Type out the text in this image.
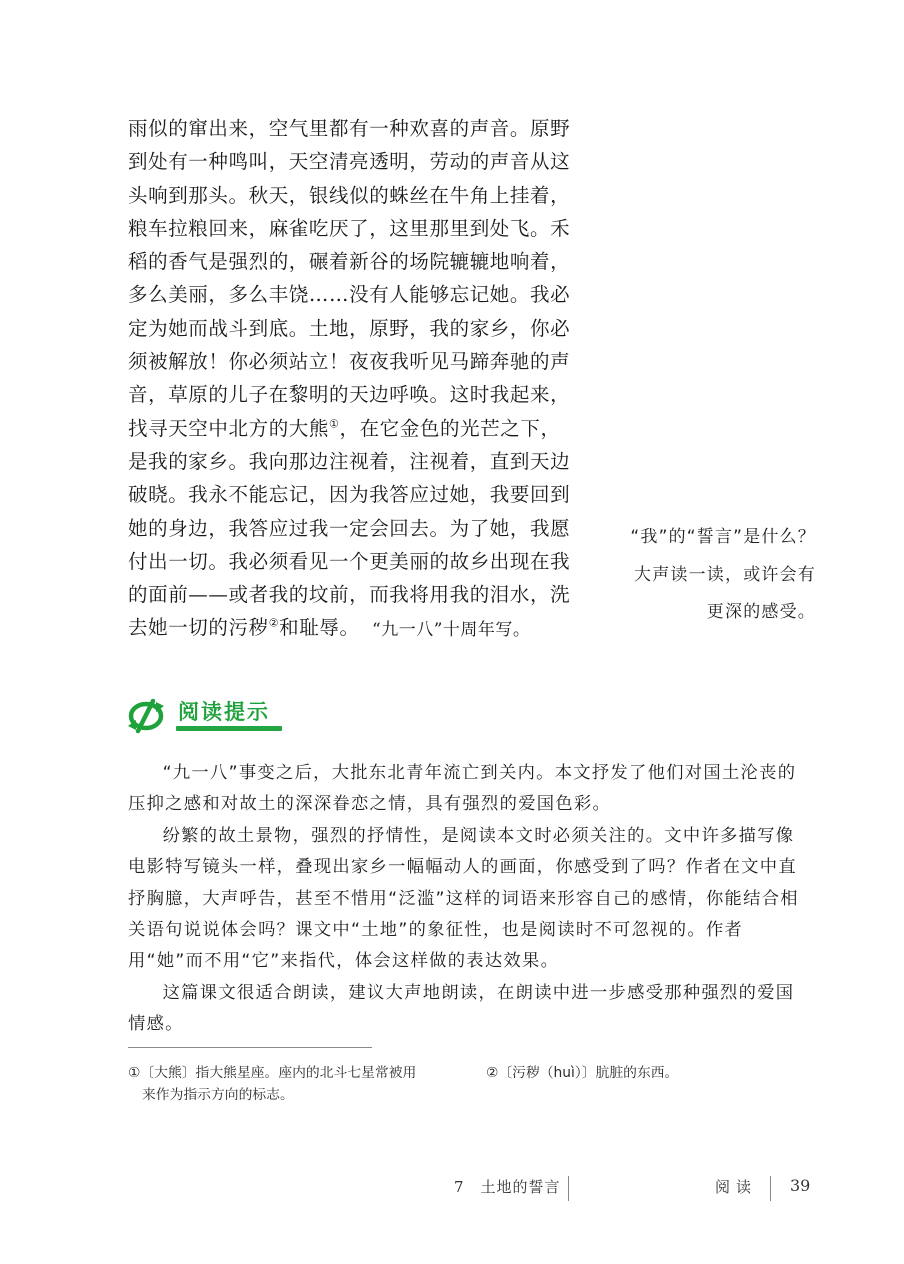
雨似的窜出来，空气里都有一种欢喜的声音。原野到处有一种鸣叫，天空清亮透明，劳动的声音从这头响到那头。秋天，银线似的蛛丝在牛角上挂着，粮车拉粮回来，麻雀吃厌了，这里那里到处飞。禾稻的香气是强烈的，碾着新谷的场院辘辘地响着，多么美丽，多么丰饶……没有人能够忘记她。我必定为她而战斗到底。土地，原野，我的家乡，你必须被解放！你必须站立！夜夜我听见马蹄奔驰的声音，草原的儿子在黎明的天边呼唤。这时我起来，找寻天空中北方的大熊①，在它金色的光芒之下，是我的家乡。我向那边注视着，注视着，直到天边破晓。我永不能忘记，因为我答应过她，我要回到她的身边，我答应过我一定会回去。为了她，我愿付出一切。我必须看见一个更美丽的故乡出现在我的面前——或者我的坟前，而我将用我的泪水，洗去她一切的污秽②和耻辱。 “九一八”十周年写。
“我”的“誓言”是什么？大声读一读，或许会有更深的感受。
阅读提示

“九一八”事变之后，大批东北青年流亡到关内。本文抒发了他们对国土沦丧的压抑之感和对故土的深深眷恋之情，具有强烈的爱国色彩。

纷繁的故土景物，强烈的抒情性，是阅读本文时必须关注的。文中许多描写像电影特写镜头一样，叠现出家乡一幅幅动人的画面，你感受到了吗？作者在文中直抒胸臆，大声呼告，甚至不惜用“泛滥”这样的词语来形容自己的感情，你能结合相关语句说说体会吗？课文中“土地”的象征性，也是阅读时不可忽视的。作者用“她”而不用“它”来指代，体会这样做的表达效果。

这篇课文很适合朗读，建议大声地朗读，在朗读中进一步感受那种强烈的爱国情感。

①〔大熊〕指大熊星座。座内的北斗七星常被用
来作为指示方向的标志。
②〔污秽（huì）〕肮脏的东西。
7　土地的誓言	阅读 39
